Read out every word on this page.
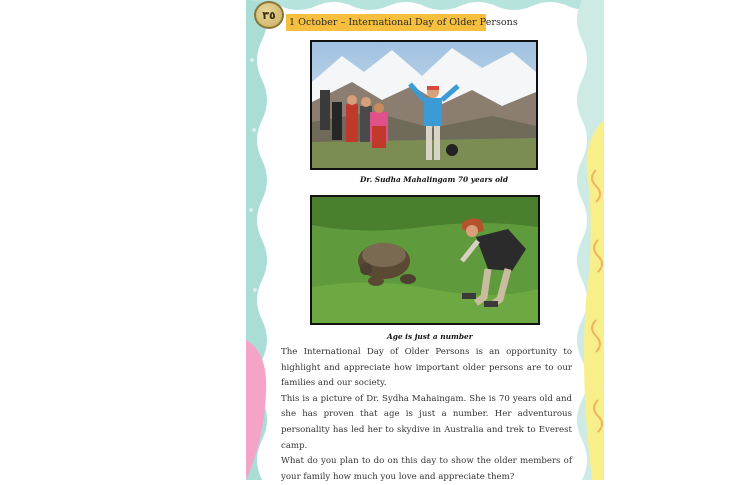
٣٥
1 October – International Day of Older Persons
Dr. Sudha Mahalingam 70 years old
Age is just a number

The International Day of Older Persons is an opportunity to highlight and appreciate how important older persons are to our families and our society.

This is a picture of Dr. Sydha Mahaingam. She is 70 years old and she has proven that age is just a number. Her adventurous personality has led her to skydive in Australia and trek to Everest camp.

What do you plan to do on this day to show the older members of your family how much you love and appreciate them?
